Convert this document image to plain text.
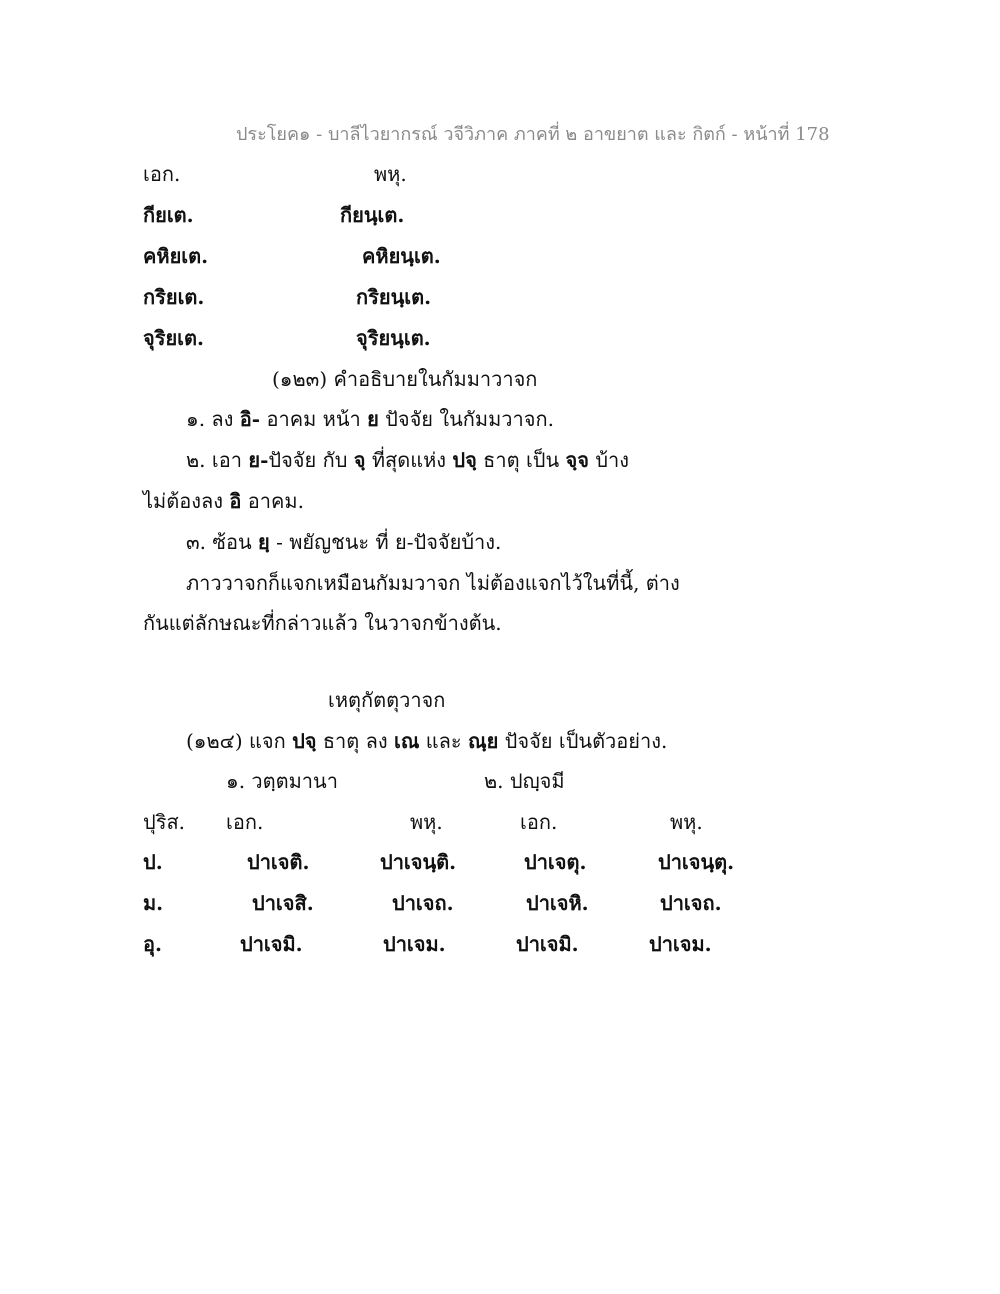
ประโยค๑ - บาลีไวยากรณ์ วจีวิภาค ภาคที่ ๒ อาขยาต และ กิตก์ - หน้าที่ 178
เอก.	พหุ.
กียเต.	กียนฺเต.
คหิยเต.	คหิยนฺเต.
กริยเต.	กริยนฺเต.
จุริยเต.	จุริยนฺเต.
(๑๒๓) คำอธิบายในกัมมาวาจก
๑. ลง อิ- อาคม หน้า ย ปัจจัย ในกัมมวาจก.
๒. เอา ย-ปัจจัย กับ จฺ ที่สุดแห่ง ปจฺ ธาตุ เป็น จฺจ บ้าง
ไม่ต้องลง อิ อาคม.
๓. ซ้อน ยฺ - พยัญชนะ ที่ ย-ปัจจัยบ้าง.
ภาววาจกก็แจกเหมือนกัมมวาจก ไม่ต้องแจกไว้ในที่นี้, ต่าง
กันแต่ลักษณะที่กล่าวแล้ว ในวาจกข้างต้น.
เหตุกัตตุวาจก
(๑๒๔) แจก ปจฺ ธาตุ ลง เณ และ ณฺย ปัจจัย เป็นตัวอย่าง.
๑. วตฺตมานา	๒. ปญฺจมี
ปุริส. เอก.	พหุ.	เอก.	พหุ.
ป.	ปาเจติ.	ปาเจนฺติ.	ปาเจตุ.	ปาเจนฺตุ.
ม.	ปาเจสิ.	ปาเจถ.	ปาเจหิ.	ปาเจถ.
อุ.	ปาเจมิ.	ปาเจม.	ปาเจมิ.	ปาเจม.
